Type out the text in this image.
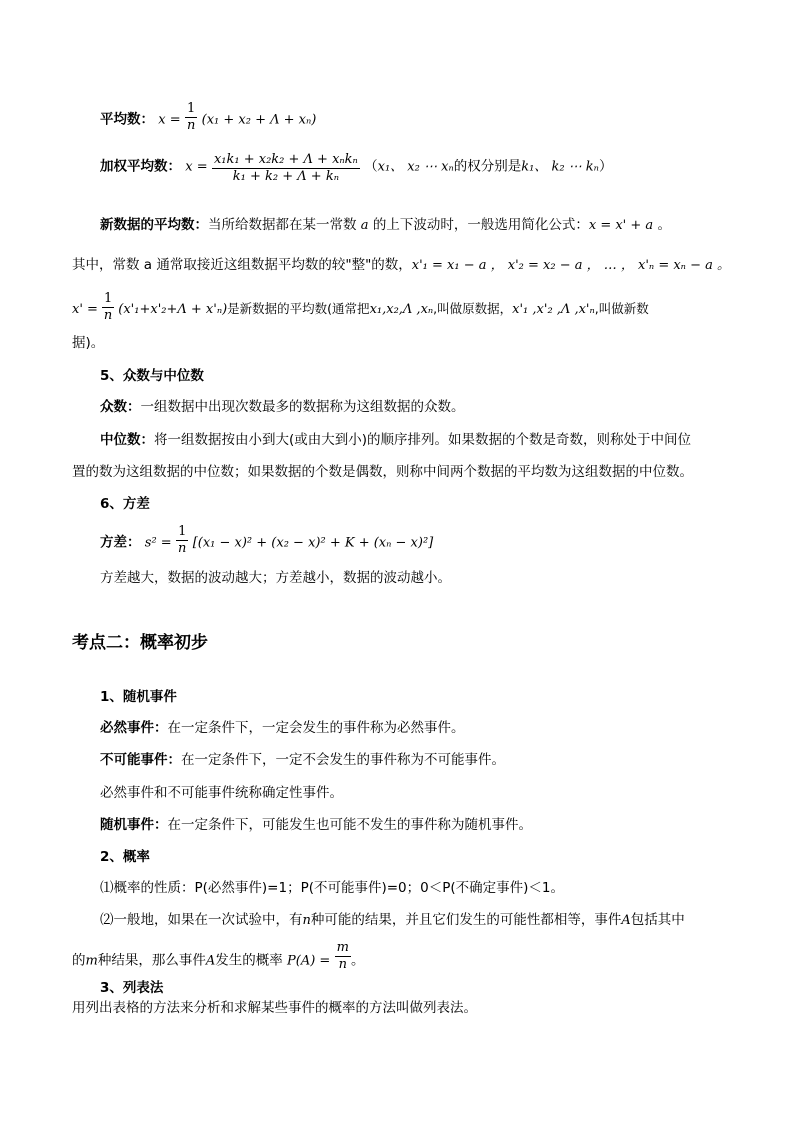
平均数： $x = \frac{1}{n} (x_1 + x_2 + \Lambda + x_n)$
加权平均数： $x = \frac{\text{x₁k₁ + x₂k₂ + Λ + xₙkₙ}}{\text{k₁ + k₂ + Λ + kₙ}} (x_1$、 x₂ ⋯ xₙ的权分别是k₁、 k₂ ⋯ kₙ）
新数据的平均数：当所给数据都在某一常数 a 的上下波动时，一般选用简化公式：x = x' + a 。
其中，常数 a 通常取接近这组数据平均数的较"整"的数，x'₁ = x₁ − a ， x'₂ = x₂ − a ， … ， x'ₙ = xₙ − a 。
$x' = \frac{1}{n} (x'_1+x'_2+\Lambda + x'_n)$是新数据的平均数(通常把x₁,x₂,Λ ,xₙ,叫做原数据，x'₁ ,x'₂ ,Λ ,x'ₙ,叫做新数
据)。
5、众数与中位数
众数：一组数据中出现次数最多的数据称为这组数据的众数。
中位数：将一组数据按由小到大(或由大到小)的顺序排列。如果数据的个数是奇数，则称处于中间位
置的数为这组数据的中位数；如果数据的个数是偶数，则称中间两个数据的平均数为这组数据的中位数。
6、方差
方差： $s^2 = \frac{1}{n} [(x_1 - x)^2 + (x_2 - x)^2 + K + (x_n - x)^2]$
方差越大，数据的波动越大；方差越小，数据的波动越小。
考点二：概率初步
1、随机事件
必然事件：在一定条件下，一定会发生的事件称为必然事件。
不可能事件：在一定条件下，一定不会发生的事件称为不可能事件。
必然事件和不可能事件统称确定性事件。
随机事件：在一定条件下，可能发生也可能不发生的事件称为随机事件。
2、概率
⑴概率的性质：P(必然事件)=1；P(不可能事件)=0；0＜P(不确定事件)＜1。
⑵一般地，如果在一次试验中，有n种可能的结果，并且它们发生的可能性都相等，事件A包括其中
的m种结果，那么事件A发生的概率 $P(A) = \frac{m}{n}$ 。
3、列表法
用列出表格的方法来分析和求解某些事件的概率的方法叫做列表法。
